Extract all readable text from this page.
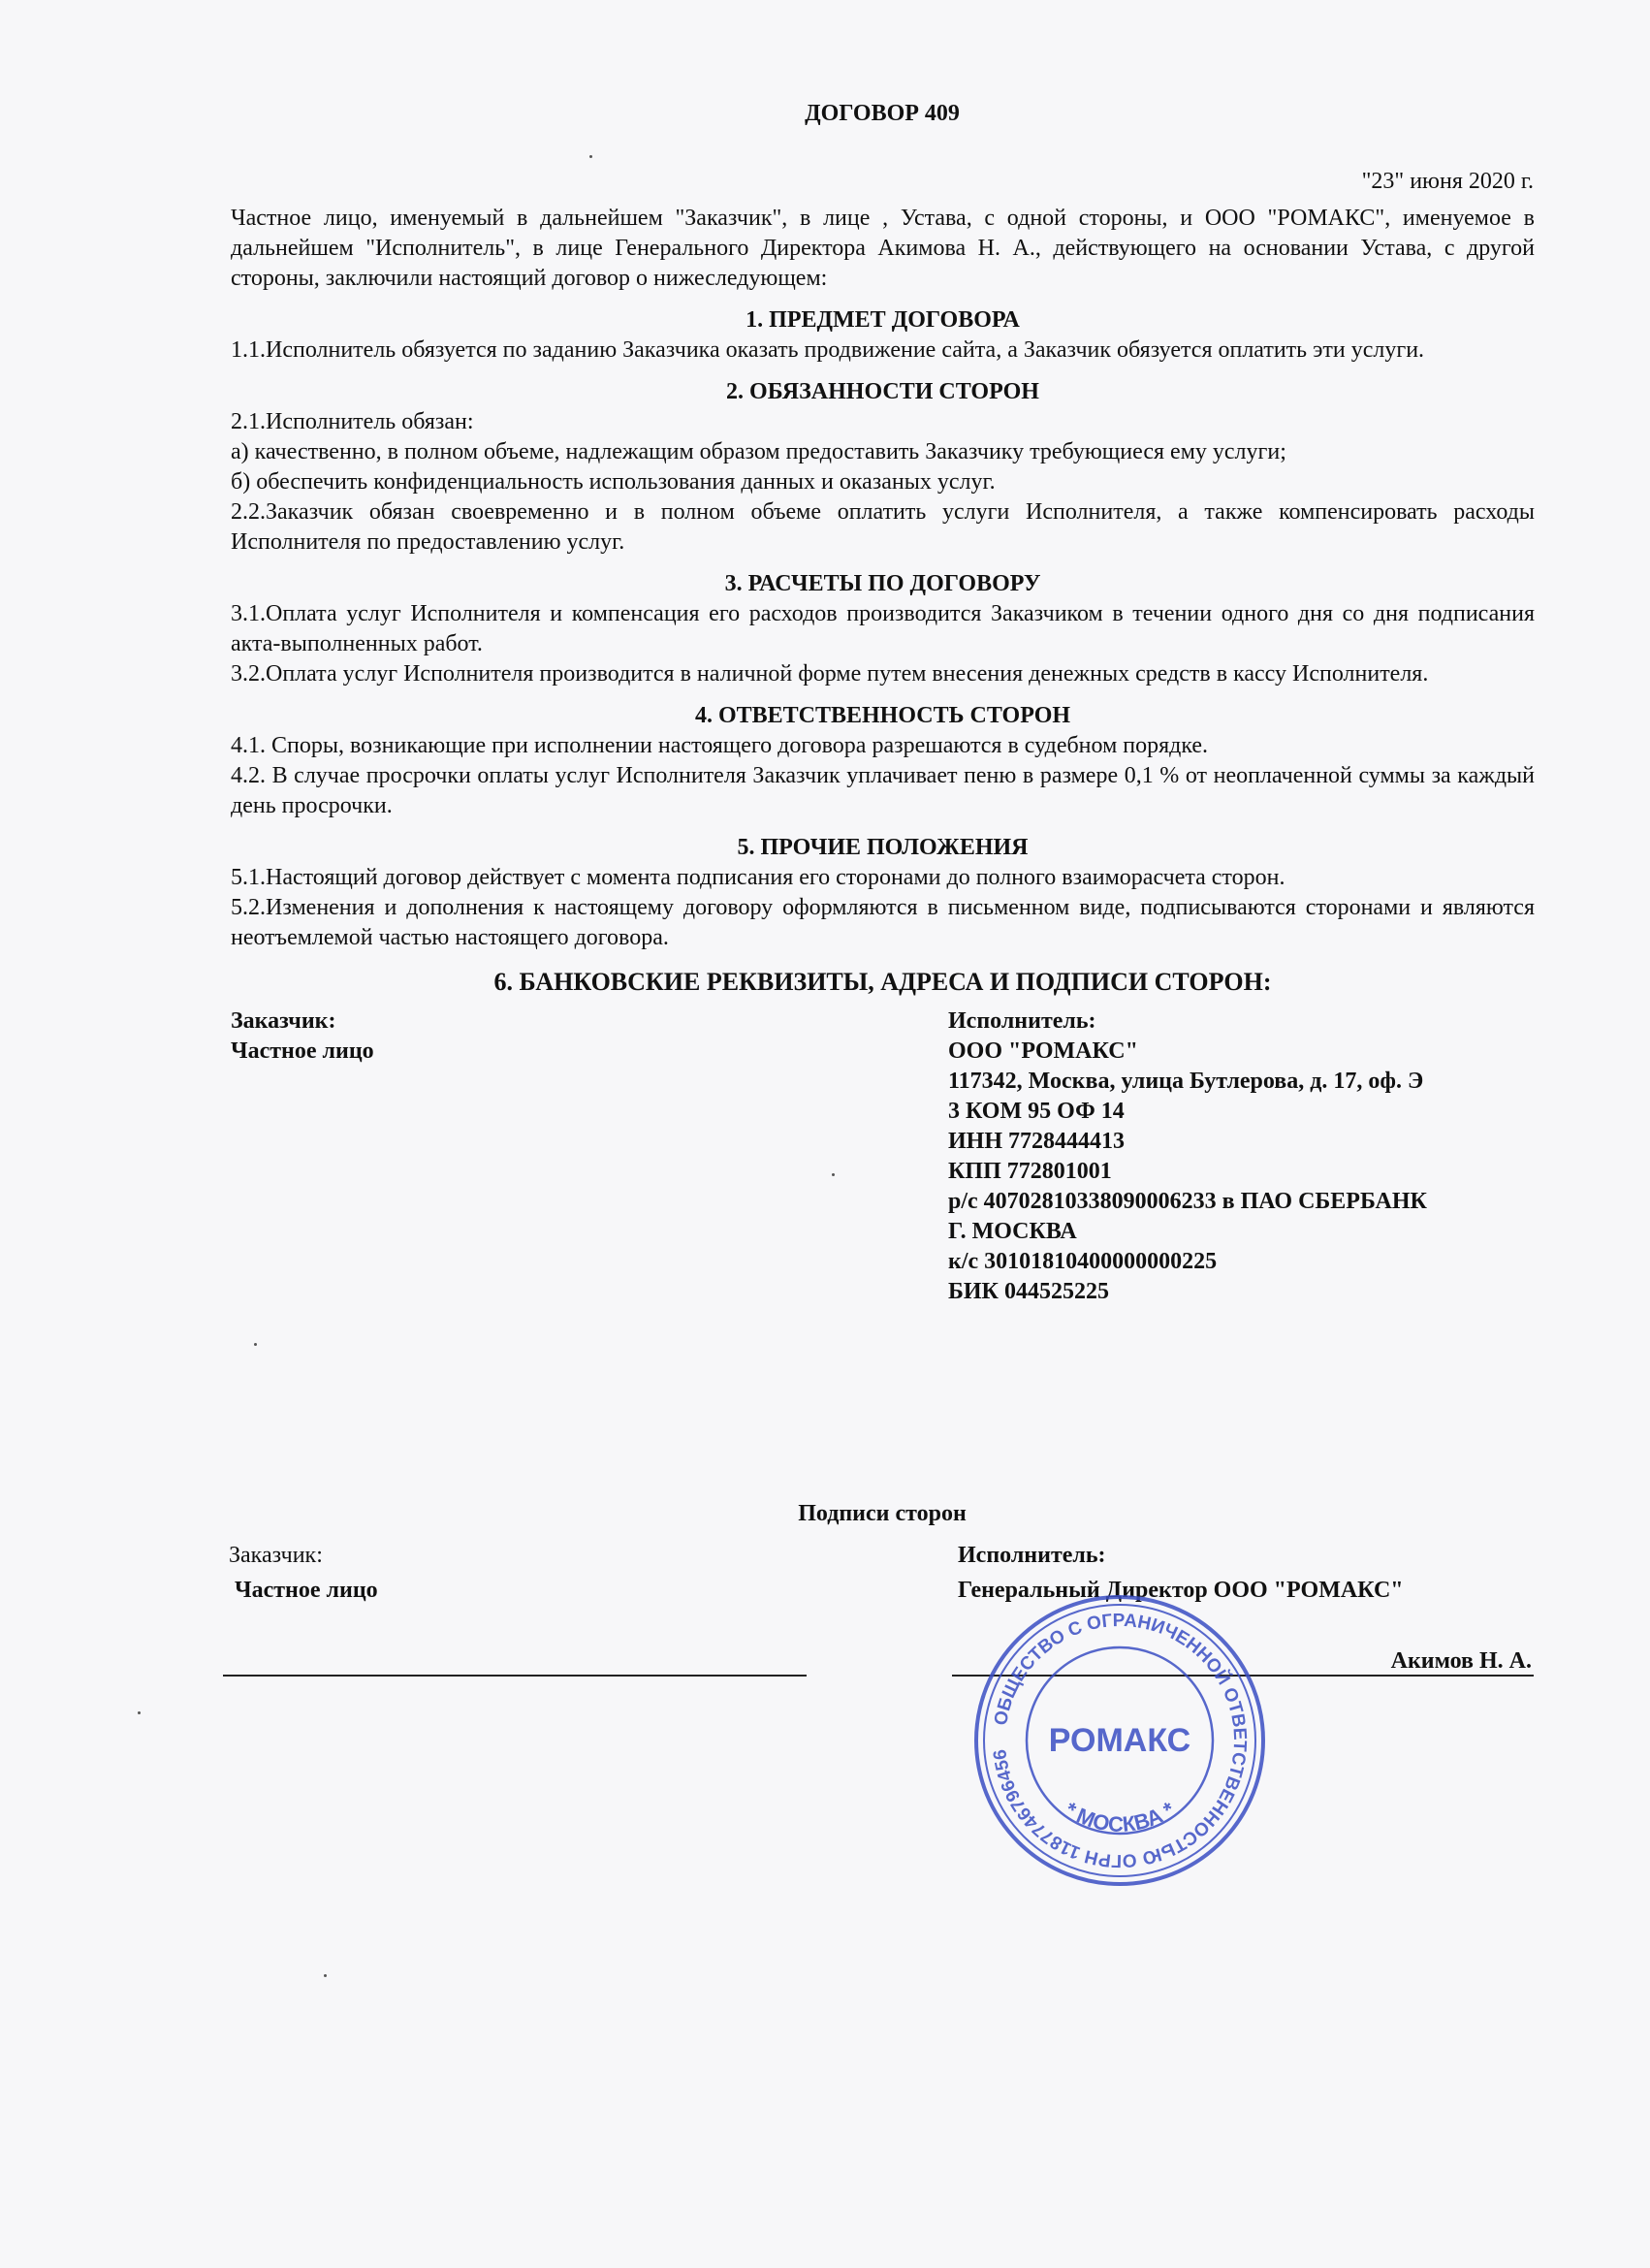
ДОГОВОР 409
"23" июня 2020 г.

Частное лицо, именуемый в дальнейшем "Заказчик", в лице , Устава, с одной стороны, и ООО "РОМАКС", именуемое в дальнейшем "Исполнитель", в лице Генерального Директора Акимова Н. А., действующего на основании Устава, с другой стороны, заключили настоящий договор о нижеследующем:

1. ПРЕДМЕТ ДОГОВОРА

1.1.Исполнитель обязуется по заданию Заказчика оказать продвижение сайта, а Заказчик обязуется оплатить эти услуги.

2. ОБЯЗАННОСТИ СТОРОН

2.1.Исполнитель обязан:

а) качественно, в полном объеме, надлежащим образом предоставить Заказчику требующиеся ему услуги;

б) обеспечить конфиденциальность использования данных и оказаных услуг.

2.2.Заказчик обязан своевременно и в полном объеме оплатить услуги Исполнителя, а также компенсировать расходы Исполнителя по предоставлению услуг.

3. РАСЧЕТЫ ПО ДОГОВОРУ

3.1.Оплата услуг Исполнителя и компенсация его расходов производится Заказчиком в течении одного дня со дня подписания акта-выполненных работ.

3.2.Оплата услуг Исполнителя производится в наличной форме путем внесения денежных средств в кассу Исполнителя.

4. ОТВЕТСТВЕННОСТЬ СТОРОН

4.1. Споры, возникающие при исполнении настоящего договора разрешаются в судебном порядке.

4.2. В случае просрочки оплаты услуг Исполнителя Заказчик уплачивает пеню в размере 0,1 % от неоплаченной суммы за каждый день просрочки.

5. ПРОЧИЕ ПОЛОЖЕНИЯ

5.1.Настоящий договор действует с момента подписания его сторонами до полного взаиморасчета сторон.

5.2.Изменения и дополнения к настоящему договору оформляются в письменном виде, подписываются сторонами и являются неотъемлемой частью настоящего договора.

6. БАНКОВСКИЕ РЕКВИЗИТЫ, АДРЕСА И ПОДПИСИ СТОРОН:
Заказчик:
Частное лицо
Исполнитель:
ООО "РОМАКС"
117342, Москва, улица Бутлерова, д. 17, оф. Э
3 КОМ 95 ОФ 14
ИНН 7728444413
КПП 772801001
р/с 40702810338090006233 в ПАО СБЕРБАНК
Г. МОСКВА
к/с 30101810400000000225
БИК 044525225
Подписи сторон
Заказчик:
Частное лицо
Исполнитель:
Генеральный Директор ООО "РОМАКС"
Акимов Н. А.
ОБЩЕСТВО С ОГРАНИЧЕННОЙ ОТВЕТСТВЕННОСТЬЮ ОГРН 1187746796456
* МОСКВА *
РОМАКС
